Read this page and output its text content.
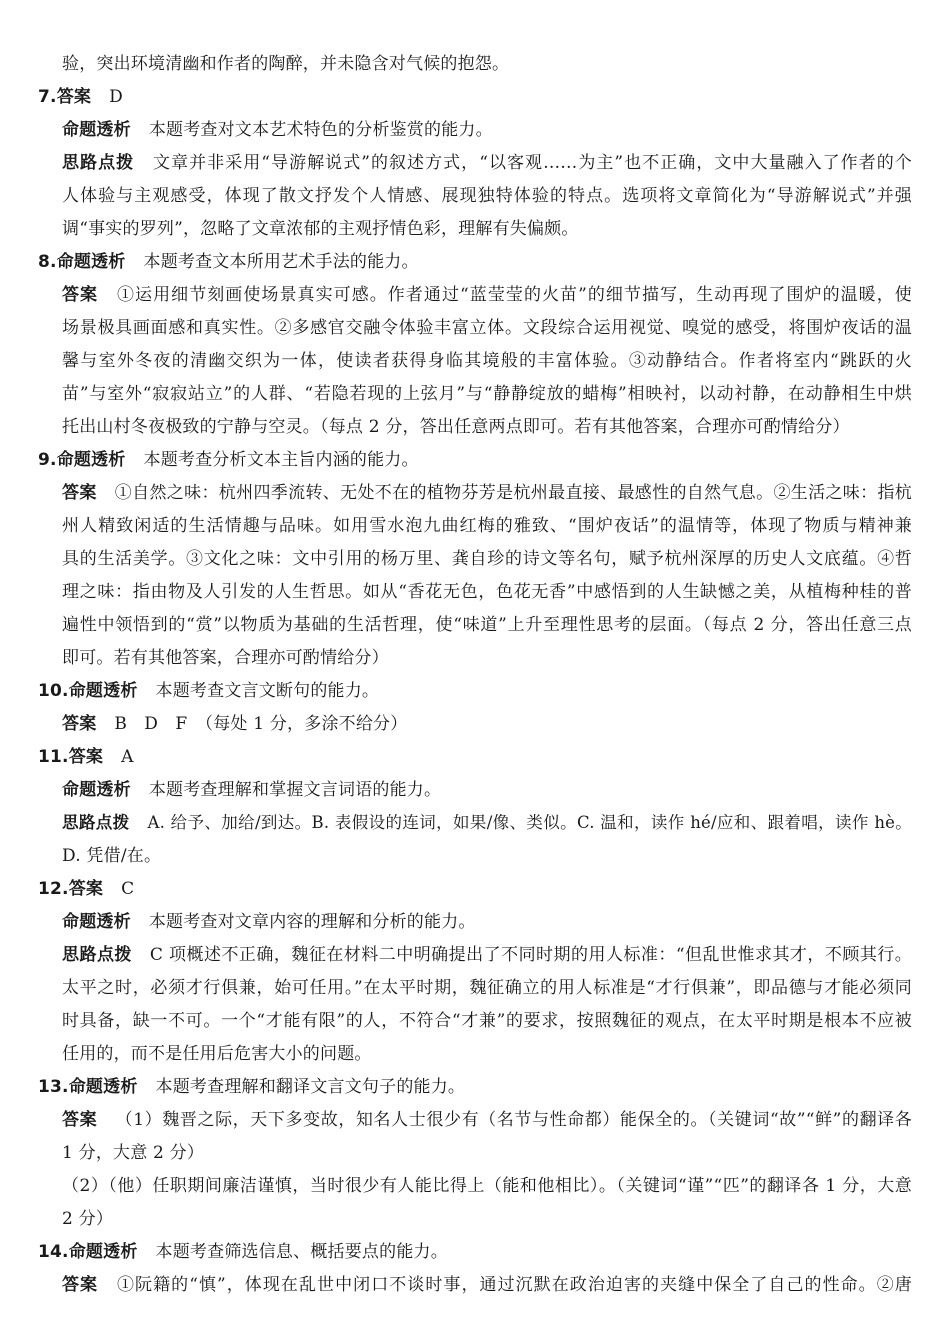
验，突出环境清幽和作者的陶醉，并未隐含对气候的抱怨。
7.答案 D
命题透析 本题考查对文本艺术特色的分析鉴赏的能力。
思路点拨 文章并非采用“导游解说式”的叙述方式，“以客观……为主”也不正确，文中大量融入了作者的个
人体验与主观感受，体现了散文抒发个人情感、展现独特体验的特点。选项将文章简化为“导游解说式”并强
调“事实的罗列”，忽略了文章浓郁的主观抒情色彩，理解有失偏颇。
8.命题透析 本题考查文本所用艺术手法的能力。
答案 ①运用细节刻画使场景真实可感。作者通过“蓝莹莹的火苗”的细节描写，生动再现了围炉的温暖，使
场景极具画面感和真实性。②多感官交融令体验丰富立体。文段综合运用视觉、嗅觉的感受，将围炉夜话的温
馨与室外冬夜的清幽交织为一体，使读者获得身临其境般的丰富体验。③动静结合。作者将室内“跳跃的火
苗”与室外“寂寂站立”的人群、“若隐若现的上弦月”与“静静绽放的蜡梅”相映衬，以动衬静，在动静相生中烘
托出山村冬夜极致的宁静与空灵。（每点 2 分，答出任意两点即可。若有其他答案，合理亦可酌情给分）
9.命题透析 本题考查分析文本主旨内涵的能力。
答案 ①自然之味：杭州四季流转、无处不在的植物芬芳是杭州最直接、最感性的自然气息。②生活之味：指杭
州人精致闲适的生活情趣与品味。如用雪水泡九曲红梅的雅致、“围炉夜话”的温情等，体现了物质与精神兼
具的生活美学。③文化之味：文中引用的杨万里、龚自珍的诗文等名句，赋予杭州深厚的历史人文底蕴。④哲
理之味：指由物及人引发的人生哲思。如从“香花无色，色花无香”中感悟到的人生缺憾之美，从植梅种桂的普
遍性中领悟到的“赏”以物质为基础的生活哲理，使“味道”上升至理性思考的层面。（每点 2 分，答出任意三点
即可。若有其他答案，合理亦可酌情给分）
10.命题透析 本题考查文言文断句的能力。
答案 B　D　F　（每处 1 分，多涂不给分）
11.答案 A
命题透析 本题考查理解和掌握文言词语的能力。
思路点拨 A. 给予、加给/到达。B. 表假设的连词，如果/像、类似。C. 温和，读作 hé/应和、跟着唱，读作 hè。
D. 凭借/在。
12.答案 C
命题透析 本题考查对文章内容的理解和分析的能力。
思路点拨 C 项概述不正确，魏征在材料二中明确提出了不同时期的用人标准：“但乱世惟求其才，不顾其行。
太平之时，必须才行俱兼，始可任用。”在太平时期，魏征确立的用人标准是“才行俱兼”，即品德与才能必须同
时具备，缺一不可。一个“才能有限”的人，不符合“才兼”的要求，按照魏征的观点，在太平时期是根本不应被
任用的，而不是任用后危害大小的问题。
13.命题透析 本题考查理解和翻译文言文句子的能力。
答案 （1）魏晋之际，天下多变故，知名人士很少有（名节与性命都）能保全的。（关键词“故”“鲜”的翻译各
1 分，大意 2 分）
（2）（他）任职期间廉洁谨慎，当时很少有人能比得上（能和他相比）。（关键词“谨”“匹”的翻译各 1 分，大意
2 分）
14.命题透析 本题考查筛选信息、概括要点的能力。
答案 ①阮籍的“慎”，体现在乱世中闭口不谈时事，通过沉默在政治迫害的夹缝中保全了自己的性命。②唐
